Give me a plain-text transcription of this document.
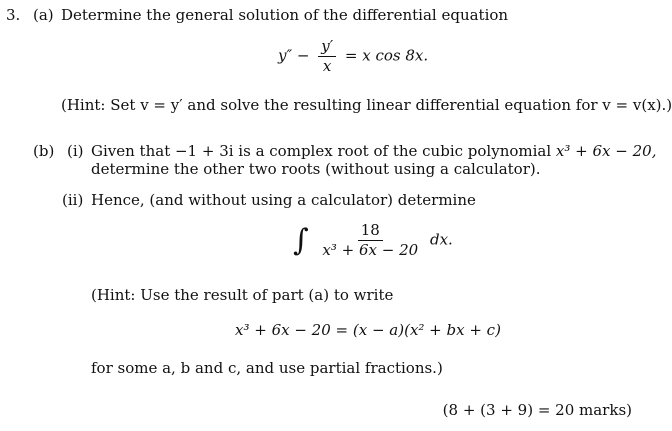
3. (a) Determine the general solution of the differential equation
$y'' - \frac{y'}{x} = x$ cos 8x.
(Hint: Set v = y′ and solve the resulting linear differential equation for v = v(x).)
(b) (i) Given that −1 + 3i is a complex root of the cubic polynomial x³ + 6x − 20,
determine the other two roots (without using a calculator).
(ii) Hence, (and without using a calculator) determine
∫ $\frac{18}{\text{x³ + 6x − 20}}$ dx.
(Hint: Use the result of part (a) to write
x³ + 6x − 20 = (x − a)(x² + bx + c)
for some a, b and c, and use partial fractions.)
(8 + (3 + 9) = 20 marks)
